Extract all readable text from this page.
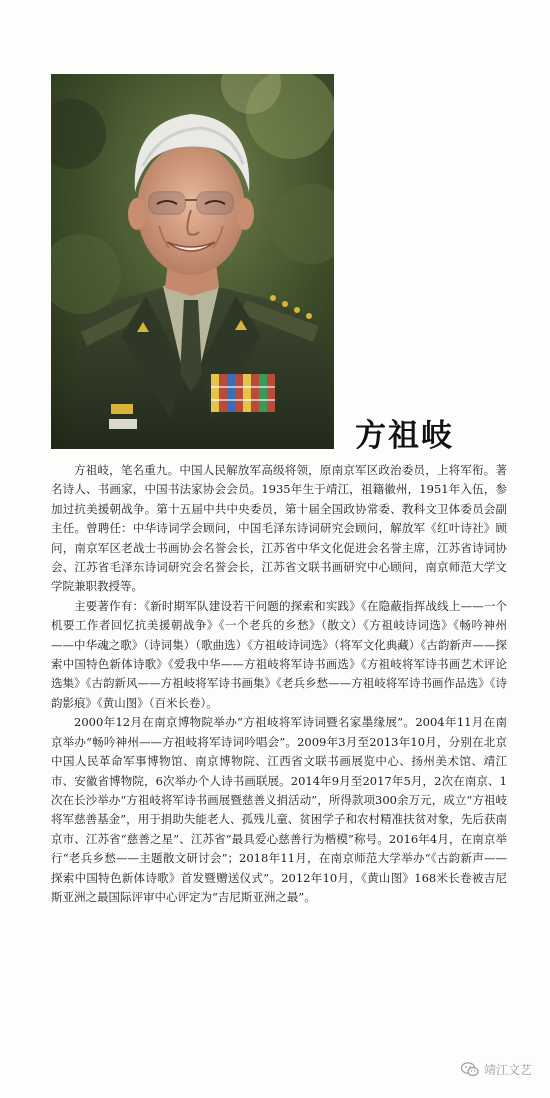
方祖岐

方祖岐，笔名重九。中国人民解放军高级将领，原南京军区政治委员，上将军衔。著名诗人、书画家，中国书法家协会会员。1935年生于靖江，祖籍徽州，1951年入伍，参加过抗美援朝战争。第十五届中共中央委员，第十届全国政协常委、教科文卫体委员会副主任。曾聘任：中华诗词学会顾问，中国毛泽东诗词研究会顾问，解放军《红叶诗社》顾问，南京军区老战士书画协会名誉会长，江苏省中华文化促进会名誉主席，江苏省诗词协会、江苏省毛泽东诗词研究会名誉会长，江苏省文联书画研究中心顾问，南京师范大学文学院兼职教授等。

主要著作有：《新时期军队建设若干问题的探索和实践》《在隐蔽指挥战线上——一个机要工作者回忆抗美援朝战争》《一个老兵的乡愁》（散文）《方祖岐诗词选》《畅吟神州——中华魂之歌》（诗词集）（歌曲选）《方祖岐诗词选》（将军文化典藏）《古韵新声——探索中国特色新体诗歌》《爱我中华——方祖岐将军诗书画选》《方祖岐将军诗书画艺术评论选集》《古韵新风——方祖岐将军诗书画集》《老兵乡愁——方祖岐将军诗书画作品选》《诗韵影痕》《黄山图》（百米长卷）。

2000年12月在南京博物院举办“方祖岐将军诗词暨名家墨缘展”。2004年11月在南京举办“畅吟神州——方祖岐将军诗词吟唱会”。2009年3月至2013年10月，分别在北京中国人民革命军事博物馆、南京博物院、江西省文联书画展览中心、扬州美术馆、靖江市、安徽省博物院，6次举办个人诗书画联展。2014年9月至2017年5月，2次在南京、1次在长沙举办“方祖岐将军诗书画展暨慈善义捐活动”，所得款项300余万元，成立“方祖岐将军慈善基金”，用于捐助失能老人、孤残儿童、贫困学子和农村精准扶贫对象，先后获南京市、江苏省“慈善之星”、江苏省“最具爱心慈善行为楷模”称号。2016年4月，在南京举行“老兵乡愁——主题散文研讨会”；2018年11月，在南京师范大学举办“《古韵新声——探索中国特色新体诗歌》首发暨赠送仪式”。2012年10月，《黄山图》168米长卷被吉尼斯亚洲之最国际评审中心评定为“吉尼斯亚洲之最”。

靖江文艺
